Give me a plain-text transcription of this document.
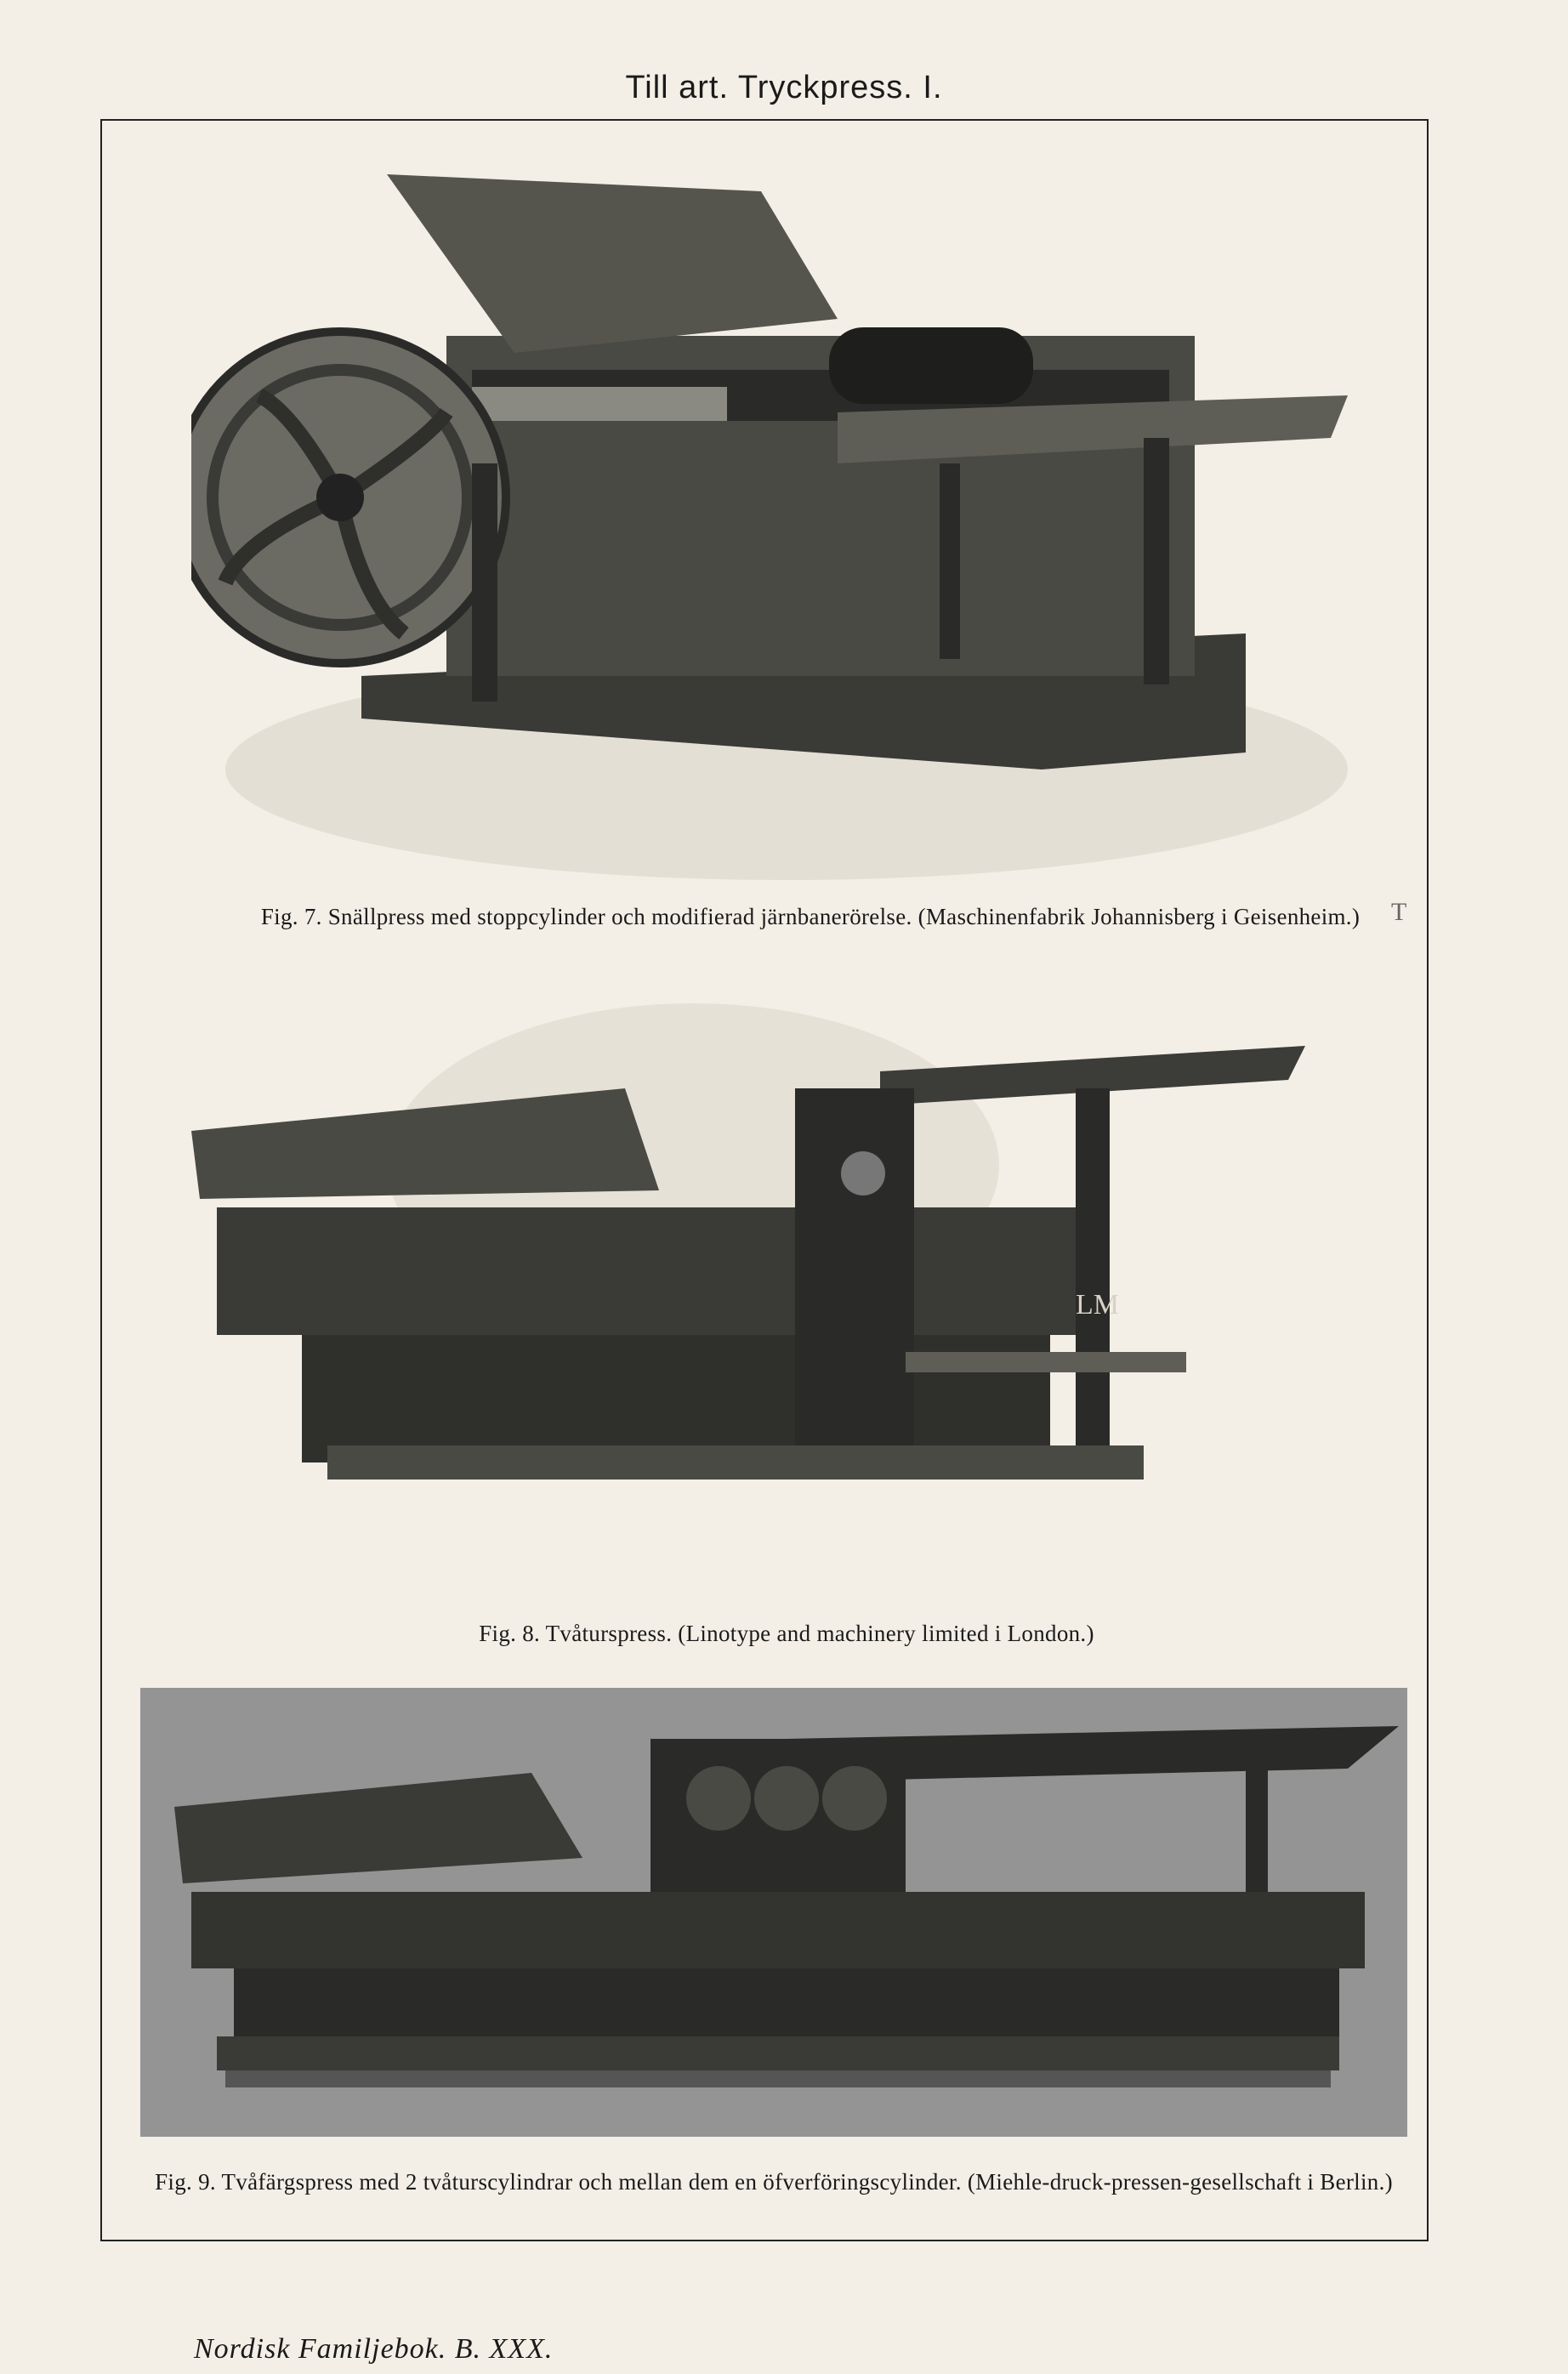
Till art. Tryckpress. I.
Fig. 7. Snällpress med stoppcylinder och modifierad järnbanerörelse. (Maschinenfabrik Johannisberg i Geisenheim.)	T
LM
Fig. 8. Tvåturspress. (Linotype and machinery limited i London.)
Fig. 9. Tvåfärgspress med 2 tvåturscylindrar och mellan dem en öfverföringscylinder. (Miehle-druck-pressen-gesellschaft i Berlin.)
Nordisk Familjebok. B. XXX.
